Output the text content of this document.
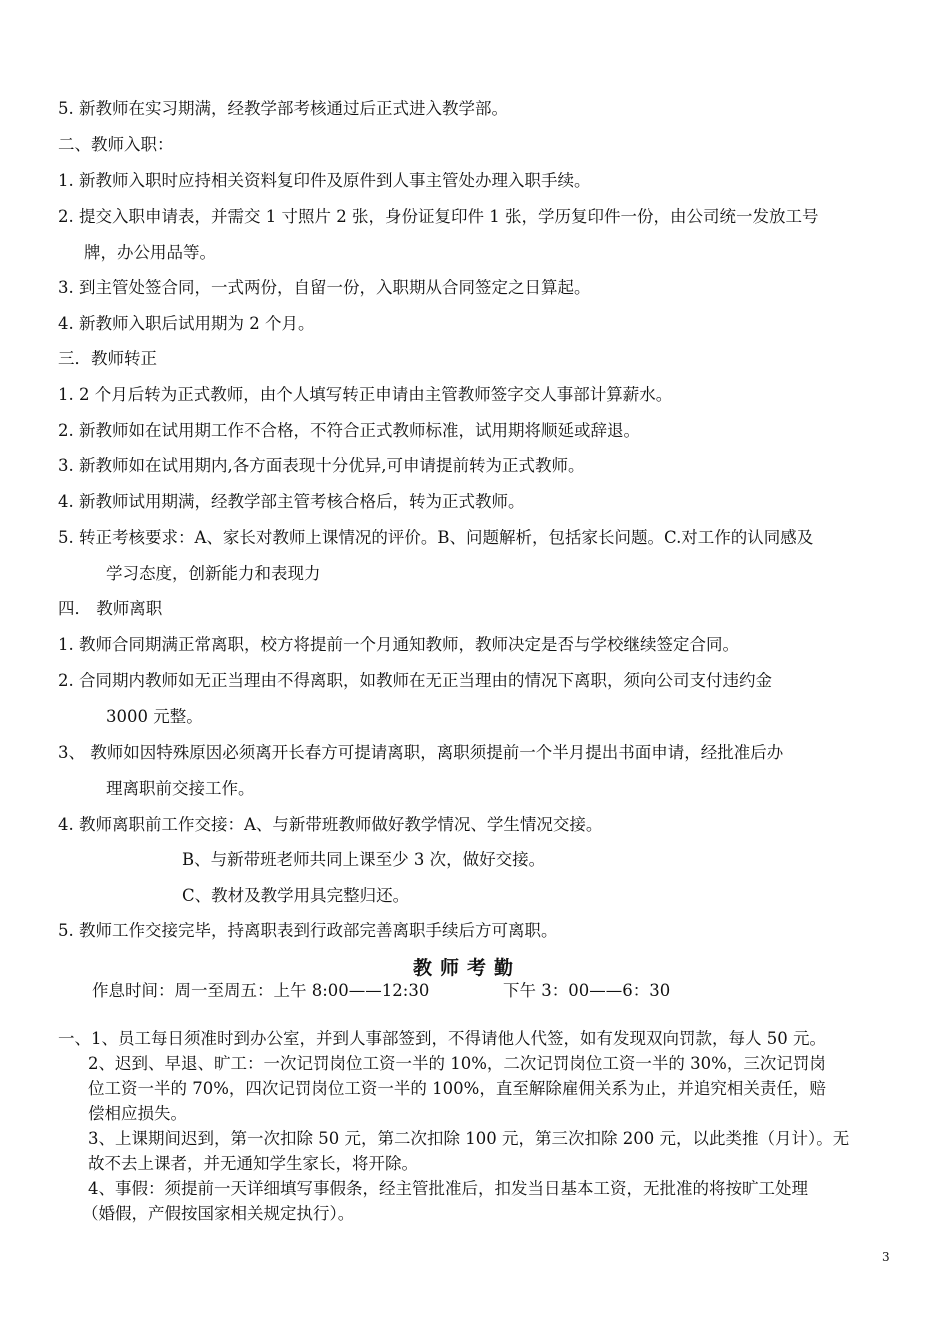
5. 新教师在实习期满，经教学部考核通过后正式进入教学部。
二、教师入职：
1. 新教师入职时应持相关资料复印件及原件到人事主管处办理入职手续。
2. 提交入职申请表，并需交 1 寸照片 2 张，身份证复印件 1 张，学历复印件一份，由公司统一发放工号
牌，办公用品等。
3. 到主管处签合同，一式两份，自留一份，入职期从合同签定之日算起。
4. 新教师入职后试用期为 2 个月。
三．教师转正
1. 2 个月后转为正式教师，由个人填写转正申请由主管教师签字交人事部计算薪水。
2. 新教师如在试用期工作不合格，不符合正式教师标准，试用期将顺延或辞退。
3. 新教师如在试用期内,各方面表现十分优异,可申请提前转为正式教师。
4. 新教师试用期满，经教学部主管考核合格后，转为正式教师。
5. 转正考核要求：A、家长对教师上课情况的评价。B、问题解析，包括家长问题。C.对工作的认同感及
学习态度，创新能力和表现力
四． 教师离职
1. 教师合同期满正常离职，校方将提前一个月通知教师，教师决定是否与学校继续签定合同。
2. 合同期内教师如无正当理由不得离职，如教师在无正当理由的情况下离职，须向公司支付违约金
3000 元整。
3、 教师如因特殊原因必须离开长春方可提请离职，离职须提前一个半月提出书面申请，经批准后办
理离职前交接工作。
4. 教师离职前工作交接：A、与新带班教师做好教学情况、学生情况交接。
B、与新带班老师共同上课至少 3 次，做好交接。
C、教材及教学用具完整归还。
5. 教师工作交接完毕，持离职表到行政部完善离职手续后方可离职。
教师考勤
作息时间：周一至周五：上午 8:00——12:30	下午 3：00——6：30
一、1、员工每日须准时到办公室，并到人事部签到，不得请他人代签，如有发现双向罚款，每人 50 元。
2、迟到、早退、旷工：一次记罚岗位工资一半的 10%，二次记罚岗位工资一半的 30%，三次记罚岗
位工资一半的 70%，四次记罚岗位工资一半的 100%，直至解除雇佣关系为止，并追究相关责任，赔
偿相应损失。
3、上课期间迟到，第一次扣除 50 元，第二次扣除 100 元，第三次扣除 200 元，以此类推（月计）。无
故不去上课者，并无通知学生家长，将开除。
4、事假：须提前一天详细填写事假条，经主管批准后，扣发当日基本工资，无批准的将按旷工处理
（婚假，产假按国家相关规定执行）。
3
